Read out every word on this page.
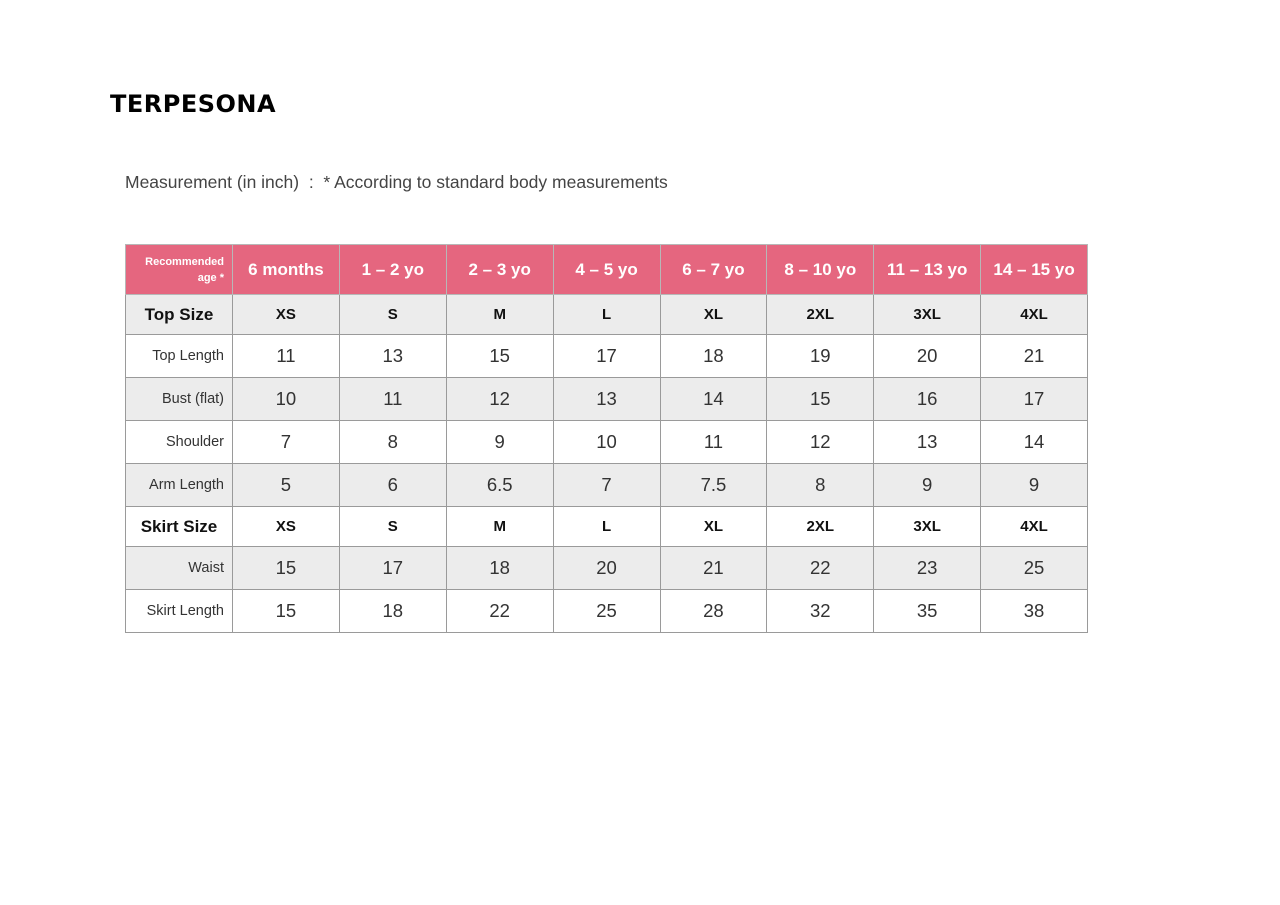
TERPESONA
Measurement (in inch)  :  * According to standard body measurements
Recommended
age *	6 months	1 – 2 yo	2 – 3 yo	4 – 5 yo	6 – 7 yo	8 – 10 yo	11 – 13 yo	14 – 15 yo
Top Size	XS	S	M	L	XL	2XL	3XL	4XL
Top Length	11	13	15	17	18	19	20	21
Bust (flat)	10	11	12	13	14	15	16	17
Shoulder	7	8	9	10	11	12	13	14
Arm Length	5	6	6.5	7	7.5	8	9	9
Skirt Size	XS	S	M	L	XL	2XL	3XL	4XL
Waist	15	17	18	20	21	22	23	25
Skirt Length	15	18	22	25	28	32	35	38
